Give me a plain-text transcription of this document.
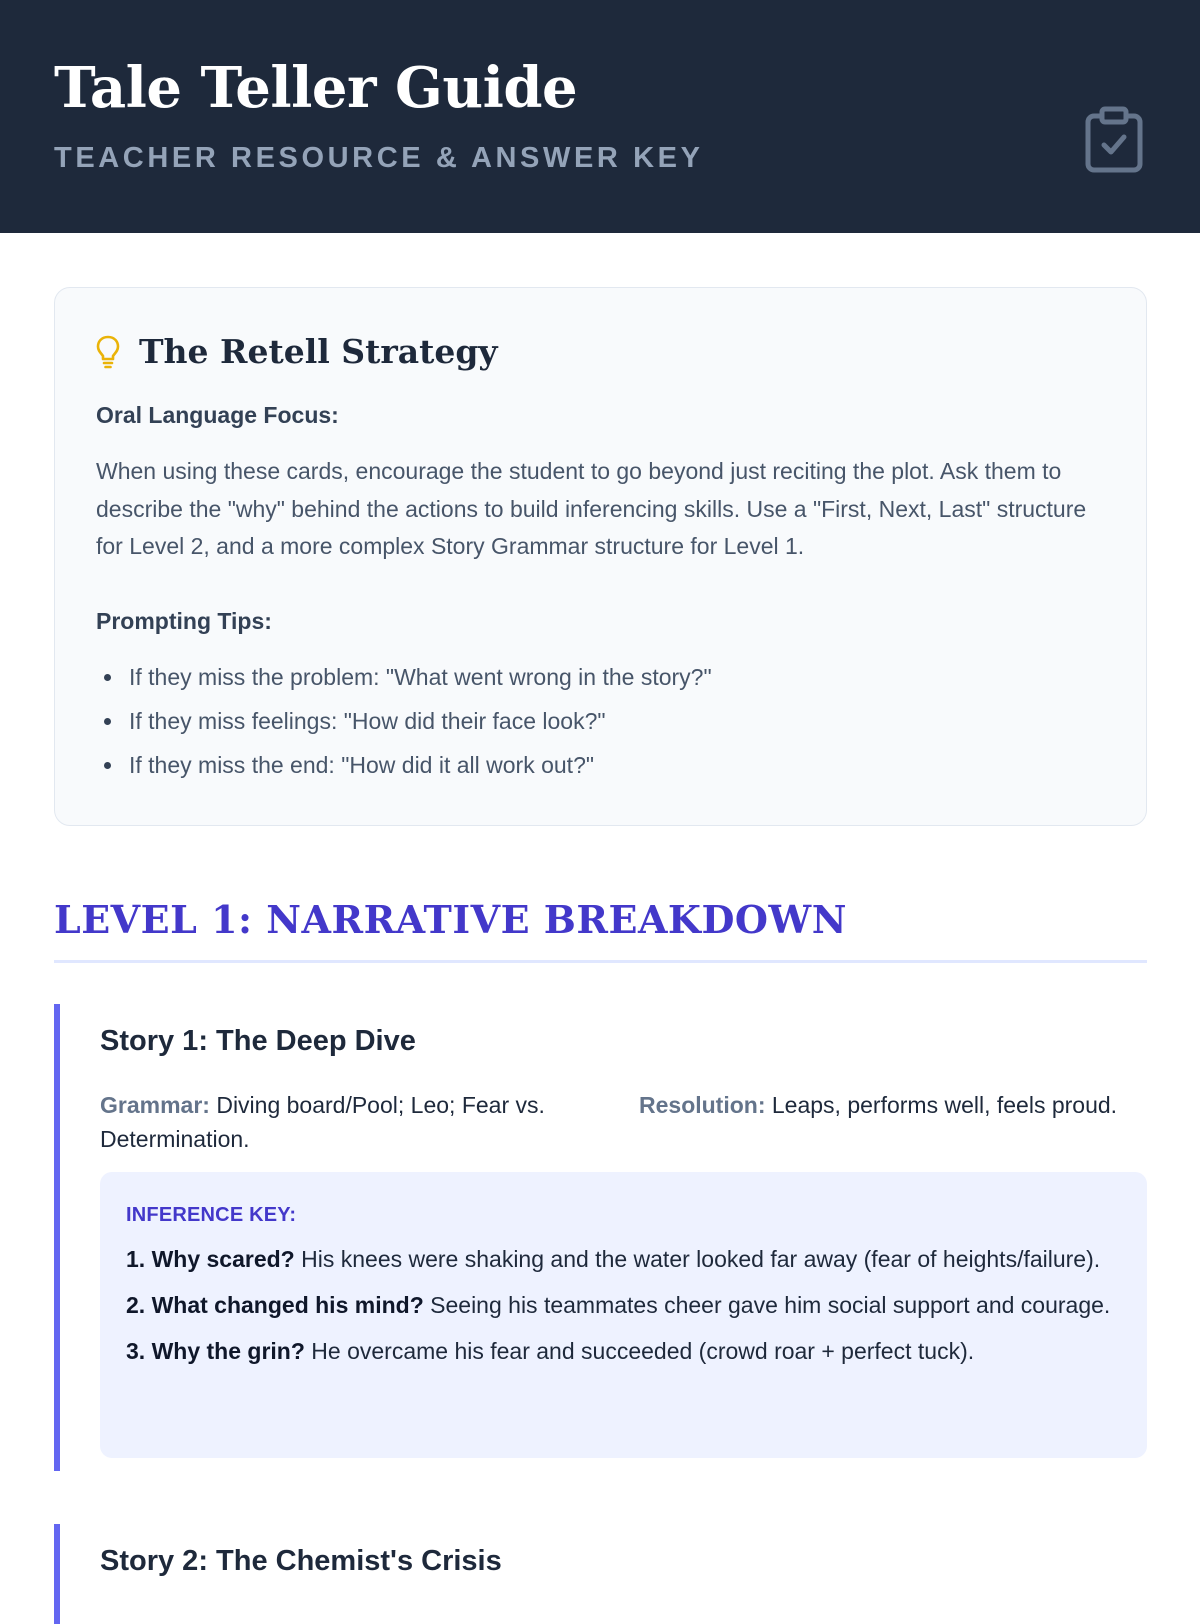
Tale Teller Guide
TEACHER RESOURCE & ANSWER KEY
The Retell Strategy
Oral Language Focus:
When using these cards, encourage the student to go beyond just reciting the plot. Ask them to describe the "why" behind the actions to build inferencing skills. Use a "First, Next, Last" structure for Level 2, and a more complex Story Grammar structure for Level 1.
Prompting Tips:
If they miss the problem: "What went wrong in the story?"
If they miss feelings: "How did their face look?"
If they miss the end: "How did it all work out?"
LEVEL 1: NARRATIVE BREAKDOWN
Story 1: The Deep Dive
Grammar: Diving board/Pool; Leo; Fear vs. Determination.
Resolution: Leaps, performs well, feels proud.
INFERENCE KEY:
1. Why scared? His knees were shaking and the water looked far away (fear of heights/failure).
2. What changed his mind? Seeing his teammates cheer gave him social support and courage.
3. Why the grin? He overcame his fear and succeeded (crowd roar + perfect tuck).
Story 2: The Chemist's Crisis
